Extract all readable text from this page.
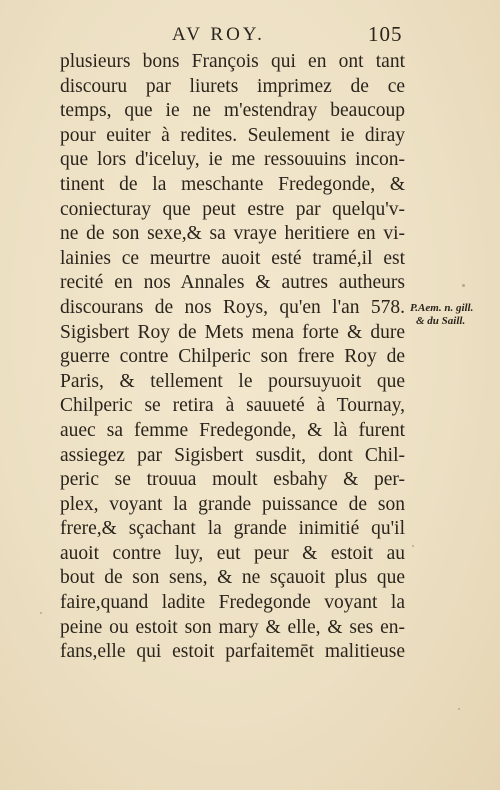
AV ROY.	105
plusieurs bons François qui en ont tant
discouru par liurets imprimez de ce
temps, que ie ne m'estendray beaucoup
pour euiter à redites. Seulement ie diray
que lors d'iceluy, ie me ressouuins incon-
tinent de la meschante Fredegonde, &
coniecturay que peut estre par quelqu'v-
ne de son sexe,& sa vraye heritiere en vi-
lainies ce meurtre auoit esté tramé,il est
recité en nos Annales & autres autheurs
discourans de nos Roys, qu'en l'an 578.
Sigisbert Roy de Mets mena forte & dure
guerre contre Chilperic son frere Roy de
Paris, & tellement le poursuyuoit que
Chilperic se retira à sauueté à Tournay,
auec sa femme Fredegonde, & là furent
assiegez par Sigisbert susdit, dont Chil-
peric se trouua moult esbahy & per-
plex, voyant la grande puissance de son
frere,& sçachant la grande inimitié qu'il
auoit contre luy, eut peur & estoit au
bout de son sens, & ne sçauoit plus que
faire,quand ladite Fredegonde voyant la
peine ou estoit son mary & elle, & ses en-
fans,elle qui estoit parfaitemēt malitieuse
P.Aem. n. gill.
& du Saill.
